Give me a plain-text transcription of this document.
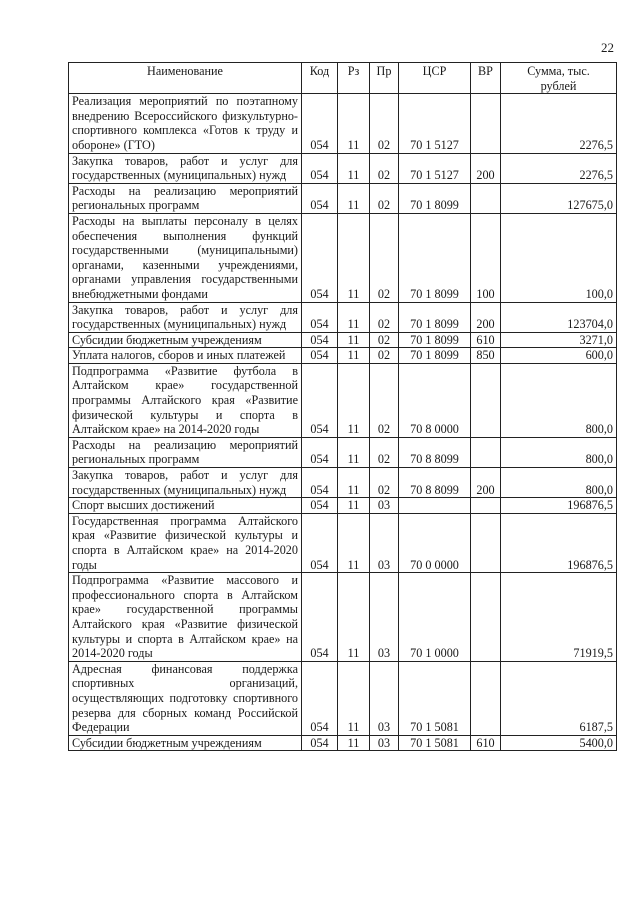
22
Наименование	Код	Рз	Пр	ЦСР	ВР	Сумма, тыс. рублей
Реализация мероприятий по поэтапному внедрению Всероссийского физкультурно-спортивного комплекса «Готов к труду и обороне» (ГТО)	054	11	02	70 1 5127		2276,5
Закупка товаров, работ и услуг для государственных (муниципальных) нужд	054	11	02	70 1 5127	200	2276,5
Расходы на реализацию мероприятий региональных программ	054	11	02	70 1 8099		127675,0
Расходы на выплаты персоналу в целях обеспечения выполнения функций государственными (муниципальными) органами, казенными учреждениями, органами управления государственными внебюджетными фондами	054	11	02	70 1 8099	100	100,0
Закупка товаров, работ и услуг для государственных (муниципальных) нужд	054	11	02	70 1 8099	200	123704,0
Субсидии бюджетным учреждениям	054	11	02	70 1 8099	610	3271,0
Уплата налогов, сборов и иных платежей	054	11	02	70 1 8099	850	600,0
Подпрограмма «Развитие футбола в Алтайском крае» государственной программы Алтайского края «Развитие физической культуры и спорта в Алтайском крае» на 2014-2020 годы	054	11	02	70 8 0000		800,0
Расходы на реализацию мероприятий региональных программ	054	11	02	70 8 8099		800,0
Закупка товаров, работ и услуг для государственных (муниципальных) нужд	054	11	02	70 8 8099	200	800,0
Спорт высших достижений	054	11	03			196876,5
Государственная программа Алтайского края «Развитие физической культуры и спорта в Алтайском крае» на 2014-2020 годы	054	11	03	70 0 0000		196876,5
Подпрограмма «Развитие массового и профессионального спорта в Алтайском крае» государственной программы Алтайского края «Развитие физической культуры и спорта в Алтайском крае» на 2014-2020 годы	054	11	03	70 1 0000		71919,5
Адресная финансовая поддержка спортивных организаций, осуществляющих подготовку спортивного резерва для сборных команд Российской Федерации	054	11	03	70 1 5081		6187,5
Субсидии бюджетным учреждениям	054	11	03	70 1 5081	610	5400,0
